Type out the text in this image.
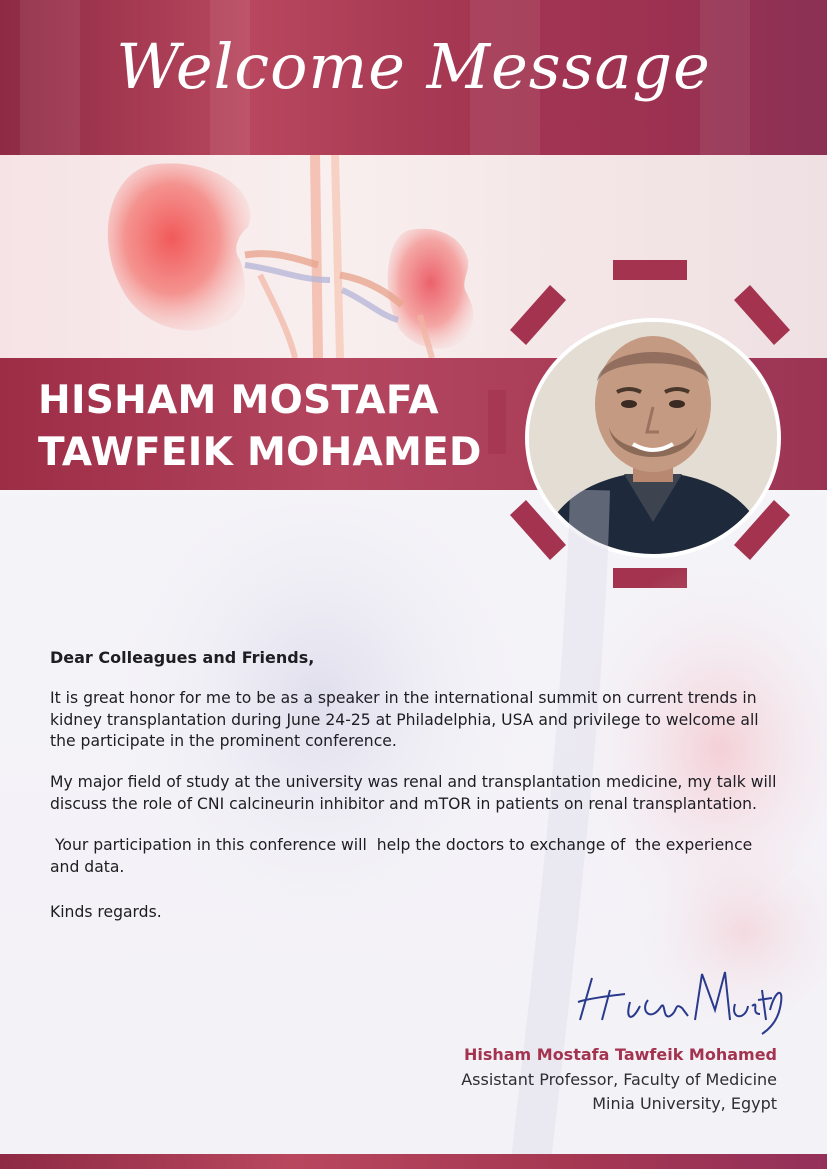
Welcome Message
HISHAM MOSTAFA
TAWFEIK MOHAMED
Dear Colleagues and Friends,

It is great honor for me to be as a speaker in the international summit on current trends in kidney transplantation during June 24-25 at Philadelphia, USA and privilege to welcome all the participate in the prominent conference.

My major field of study at the university was renal and transplantation medicine, my talk will discuss the role of CNI calcineurin inhibitor and mTOR in patients on renal transplantation.

Your participation in this conference will  help the doctors to exchange of  the experience and data.

Kinds regards.
Hisham Mostafa Tawfeik Mohamed
Assistant Professor, Faculty of Medicine
Minia University, Egypt
